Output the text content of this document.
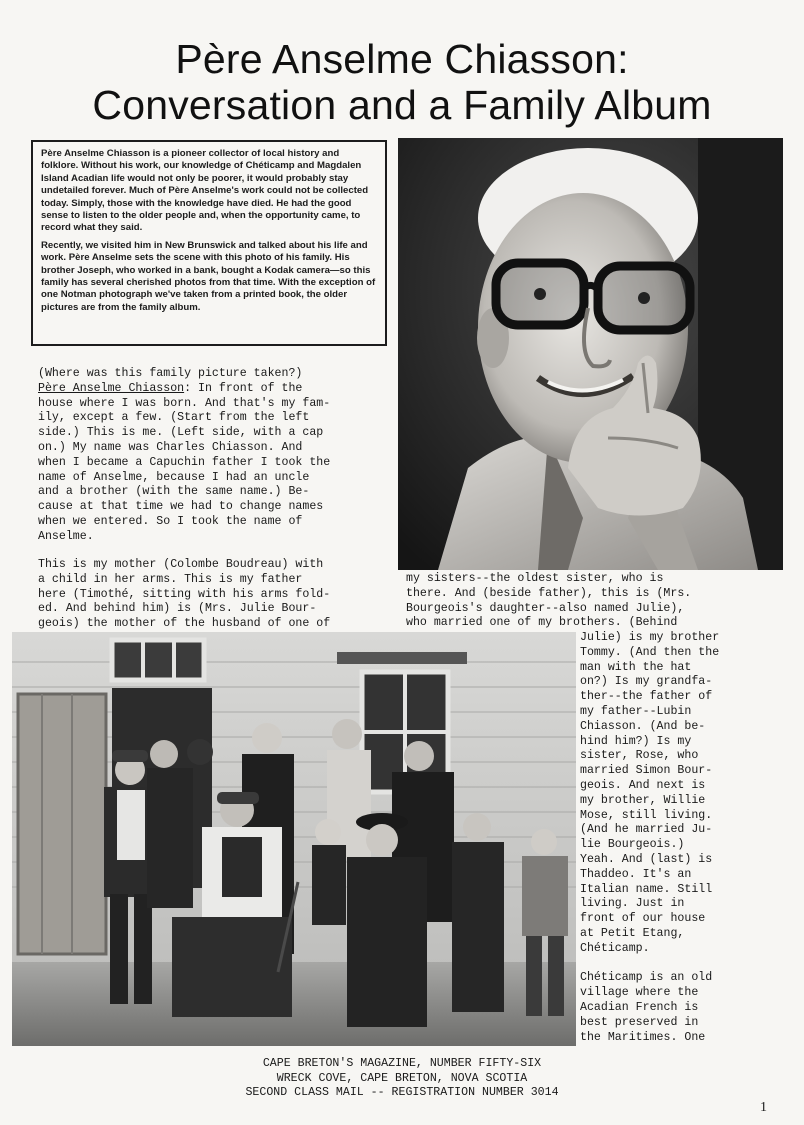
Père Anselme Chiasson:
Conversation and a Family Album

Père Anselme Chiasson is a pioneer collector of local history and folklore. Without his work, our knowledge of Chéticamp and Magdalen Island Acadian life would not only be poorer, it would probably stay undetailed forever. Much of Père Anselme's work could not be collected today. Simply, those with the knowledge have died. He had the good sense to listen to the older people and, when the opportunity came, to record what they said.

Recently, we visited him in New Brunswick and talked about his life and work. Père Anselme sets the scene with this photo of his family. His brother Joseph, who worked in a bank, bought a Kodak camera—so this family has several cherished photos from that time. With the exception of one Notman photograph we've taken from a printed book, the older pictures are from the family album.

(Where was this family picture taken?)
Père Anselme Chiasson: In front of the
house where I was born. And that's my fam-
ily, except a few. (Start from the left
side.) This is me. (Left side, with a cap
on.) My name was Charles Chiasson. And
when I became a Capuchin father I took the
name of Anselme, because I had an uncle
and a brother (with the same name.) Be-
cause at that time we had to change names
when we entered. So I took the name of
Anselme.

This is my mother (Colombe Boudreau) with
a child in her arms. This is my father
here (Timothé, sitting with his arms fold-
ed. And behind him) is (Mrs. Julie Bour-
geois) the mother of the husband of one of

my sisters--the oldest sister, who is
there. And (beside father), this is (Mrs.
Bourgeois's daughter--also named Julie),
who married one of my brothers. (Behind

Julie) is my brother
Tommy. (And then the
man with the hat
on?) Is my grandfa-
ther--the father of
my father--Lubin
Chiasson. (And be-
hind him?) Is my
sister, Rose, who
married Simon Bour-
geois. And next is
my brother, Willie
Mose, still living.
(And he married Ju-
lie Bourgeois.)
Yeah. And (last) is
Thaddeo. It's an
Italian name. Still
living. Just in
front of our house
at Petit Etang,
Chéticamp.

Chéticamp is an old
village where the
Acadian French is
best preserved in
the Maritimes. One
CAPE BRETON'S MAGAZINE, NUMBER FIFTY-SIX
WRECK COVE, CAPE BRETON, NOVA SCOTIA
SECOND CLASS MAIL -- REGISTRATION NUMBER 3014
1
